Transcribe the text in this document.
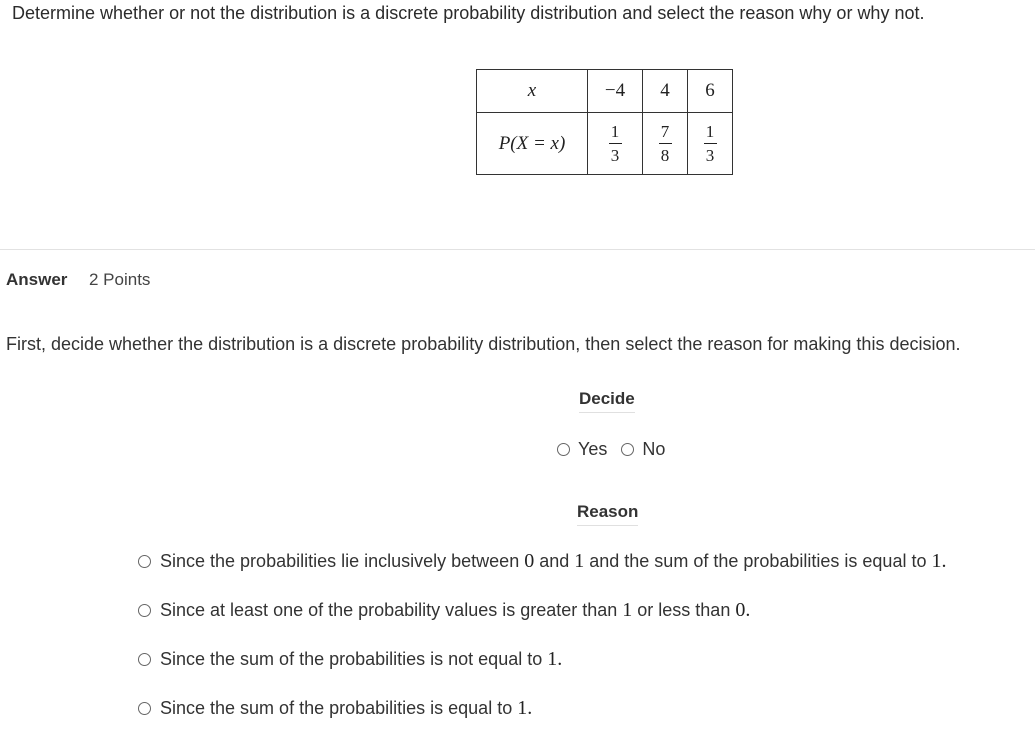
Determine whether or not the distribution is a discrete probability distribution and select the reason why or why not.
x	−4	4	6
P(X = x)	$\frac{1}{3}$	$\frac{7}{8}$	$\frac{1}{3}$
Answer 2 Points
First, decide whether the distribution is a discrete probability distribution, then select the reason for making this decision.
Decide
Yes No
Reason
Since the probabilities lie inclusively between 0 and 1 and the sum of the probabilities is equal to 1.
Since at least one of the probability values is greater than 1 or less than 0.
Since the sum of the probabilities is not equal to 1.
Since the sum of the probabilities is equal to 1.
